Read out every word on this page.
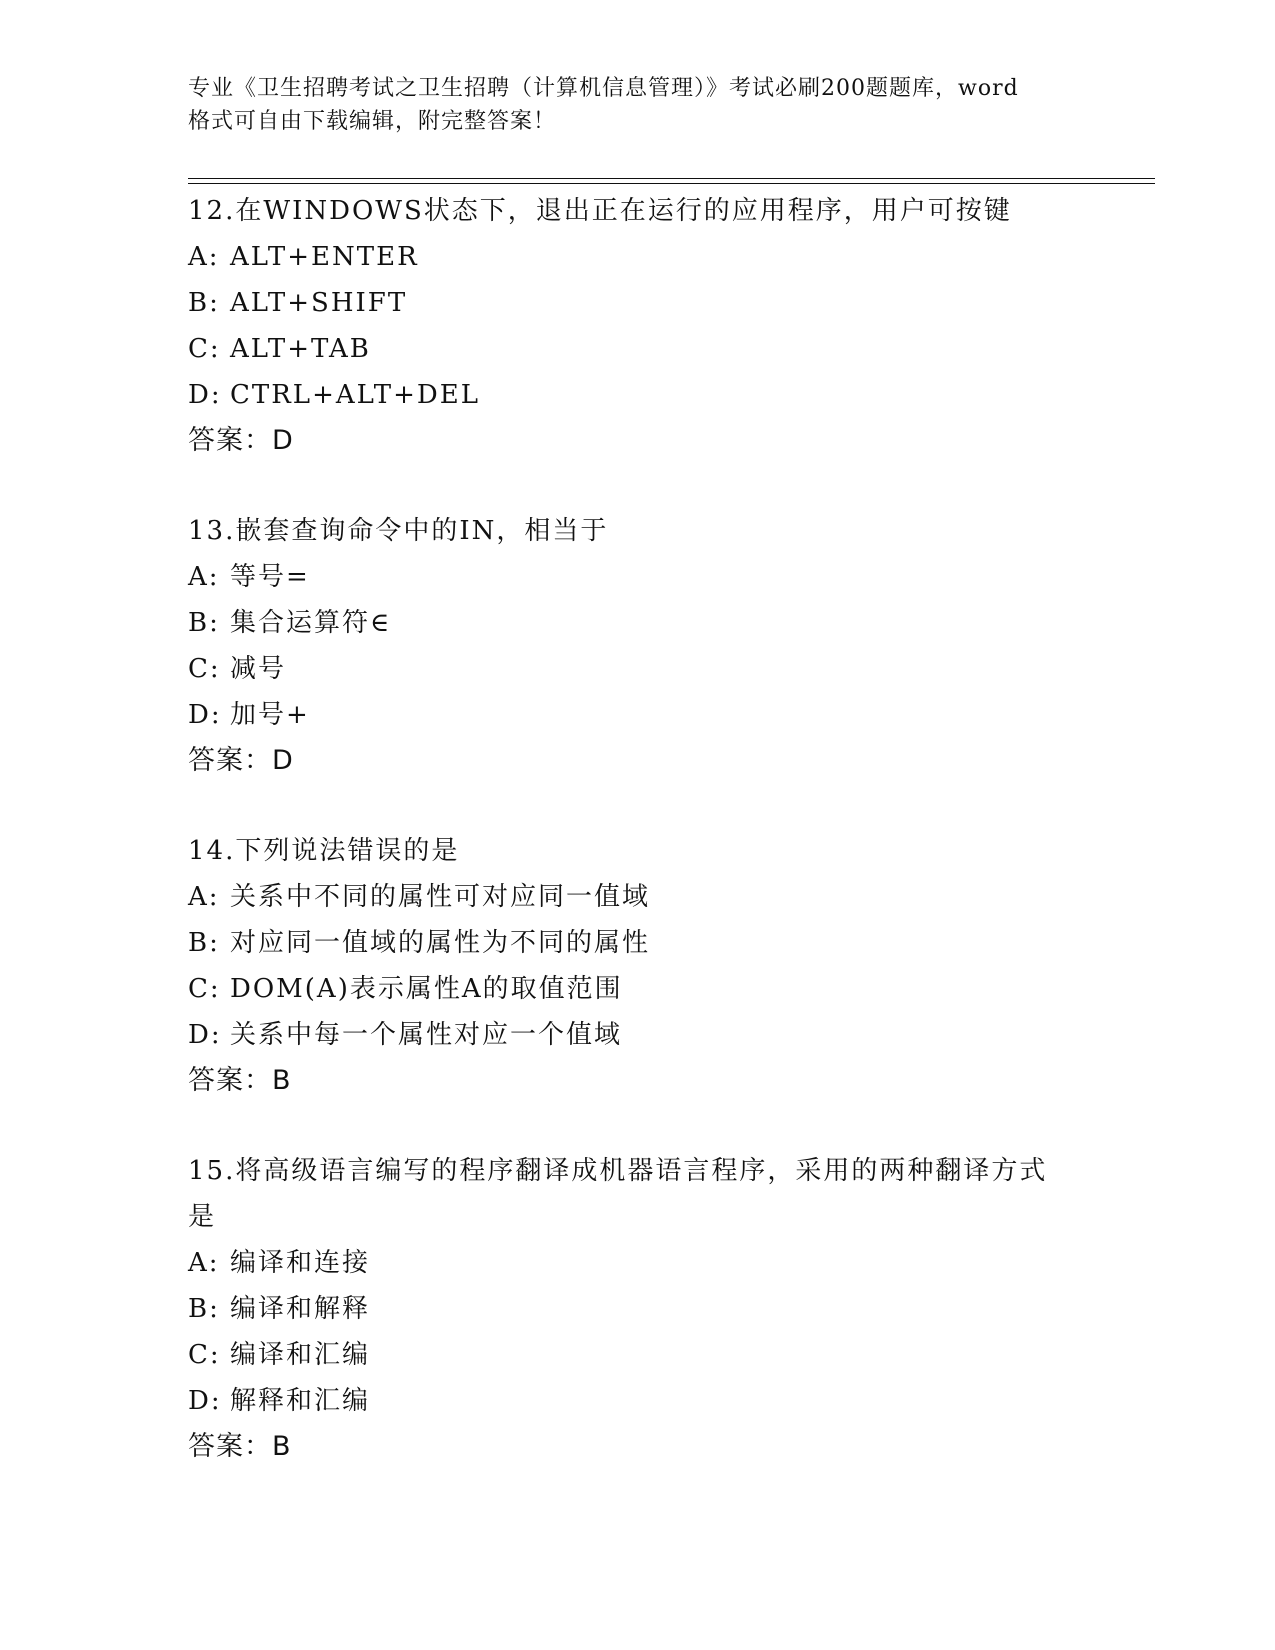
专业《卫生招聘考试之卫生招聘（计算机信息管理）》考试必刷200题题库，word
格式可自由下载编辑，附完整答案！

12.在WINDOWS状态下，退出正在运行的应用程序，用户可按键

A: ALT+ENTER

B: ALT+SHIFT

C: ALT+TAB

D: CTRL+ALT+DEL

答案：D

13.嵌套查询命令中的IN，相当于

A: 等号=

B: 集合运算符∈

C: 减号

D: 加号+

答案：D

14.下列说法错误的是

A: 关系中不同的属性可对应同一值域

B: 对应同一值域的属性为不同的属性

C: DOM(A)表示属性A的取值范围

D: 关系中每一个属性对应一个值域

答案：B

15.将高级语言编写的程序翻译成机器语言程序，采用的两种翻译方式是

A: 编译和连接

B: 编译和解释

C: 编译和汇编

D: 解释和汇编

答案：B
